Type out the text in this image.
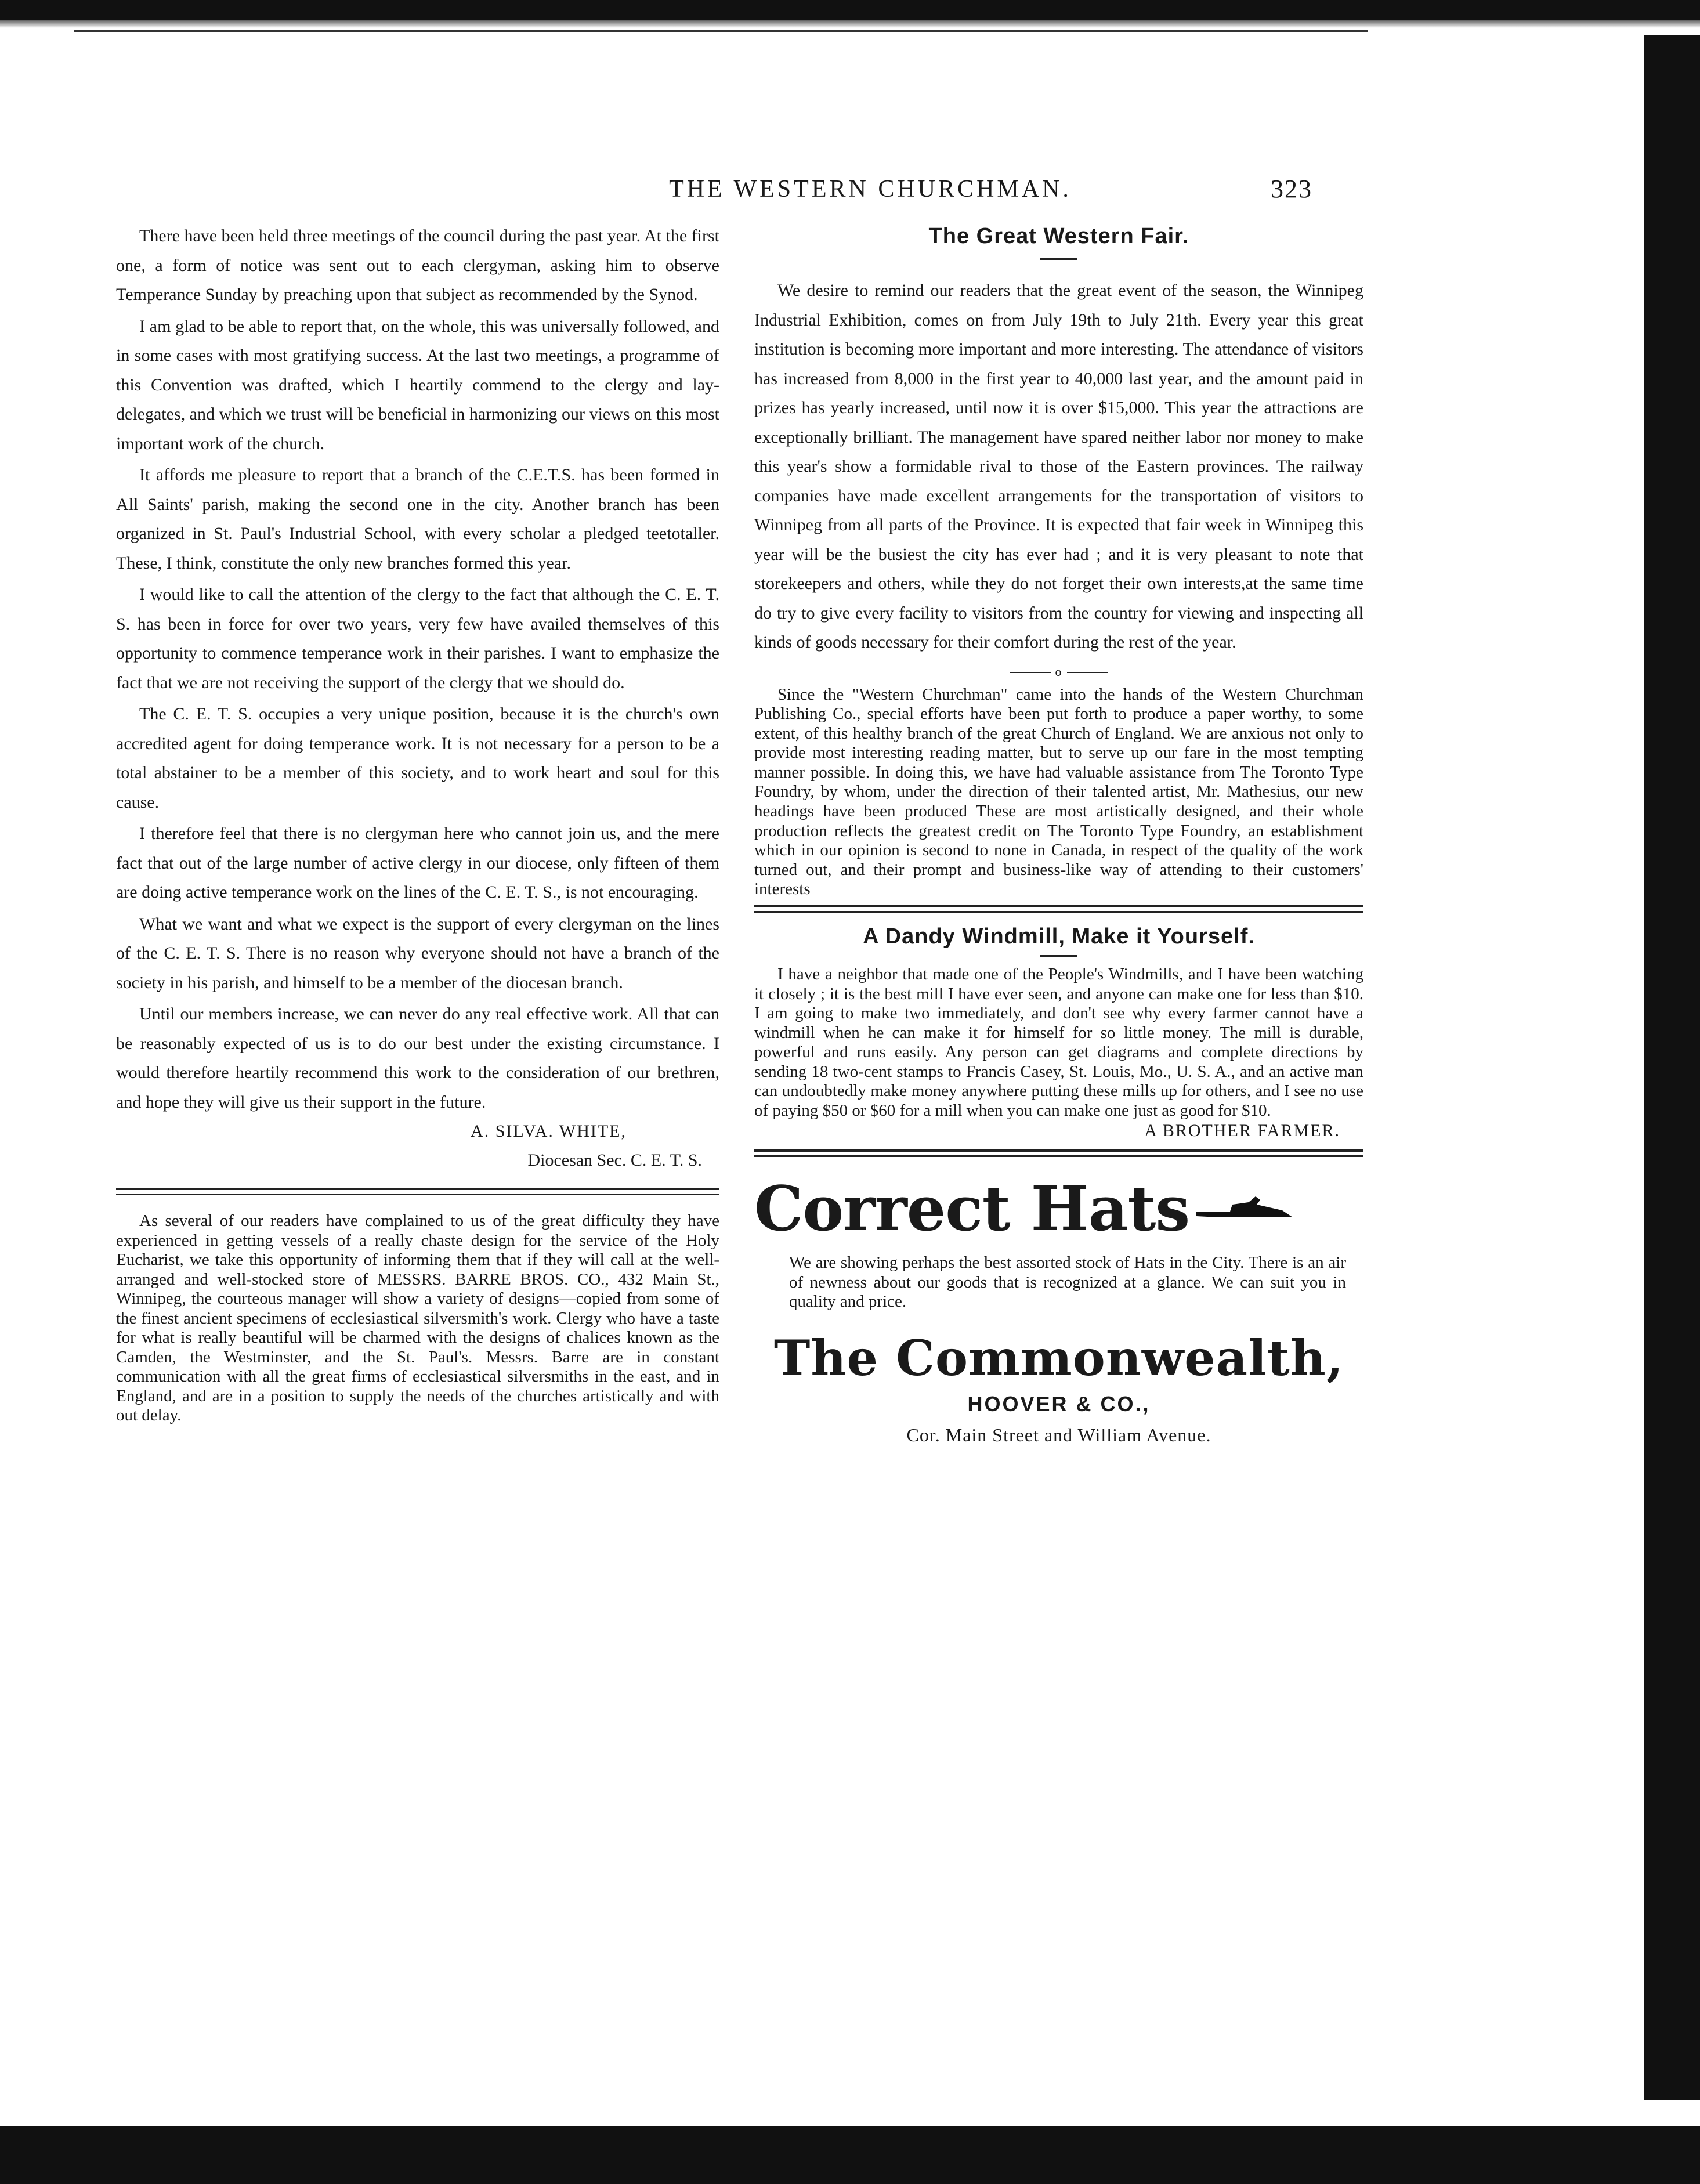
THE WESTERN CHURCHMAN.	323

There have been held three meetings of the council during the past year. At the first one, a form of notice was sent out to each clergyman, asking him to observe Temperance Sunday by preaching upon that subject as recommended by the Synod.

I am glad to be able to report that, on the whole, this was universally followed, and in some cases with most gratifying success. At the last two meetings, a programme of this Convention was drafted, which I heartily commend to the clergy and lay-delegates, and which we trust will be beneficial in harmonizing our views on this most important work of the church.

It affords me pleasure to report that a branch of the C.E.T.S. has been formed in All Saints' parish, making the second one in the city. Another branch has been organized in St. Paul's Industrial School, with every scholar a pledged teetotaller. These, I think, constitute the only new branches formed this year.

I would like to call the attention of the clergy to the fact that although the C. E. T. S. has been in force for over two years, very few have availed themselves of this opportunity to commence temperance work in their parishes. I want to emphasize the fact that we are not receiving the support of the clergy that we should do.

The C. E. T. S. occupies a very unique position, because it is the church's own accredited agent for doing temperance work. It is not necessary for a person to be a total abstainer to be a member of this society, and to work heart and soul for this cause.

I therefore feel that there is no clergyman here who cannot join us, and the mere fact that out of the large number of active clergy in our diocese, only fifteen of them are doing active temperance work on the lines of the C. E. T. S., is not encouraging.

What we want and what we expect is the support of every clergyman on the lines of the C. E. T. S. There is no reason why everyone should not have a branch of the society in his parish, and himself to be a member of the diocesan branch.

Until our members increase, we can never do any real effective work. All that can be reasonably expected of us is to do our best under the existing circumstance. I would therefore heartily recommend this work to the consideration of our brethren, and hope they will give us their support in the future.

A. SILVA. WHITE,

Diocesan Sec. C. E. T. S.

As several of our readers have complained to us of the great difficulty they have experienced in getting vessels of a really chaste design for the service of the Holy Eucharist, we take this opportunity of informing them that if they will call at the well-arranged and well-stocked store of MESSRS. BARRE BROS. CO., 432 Main St., Winnipeg, the courteous manager will show a variety of designs—copied from some of the finest ancient specimens of ecclesiastical silversmith's work. Clergy who have a taste for what is really beautiful will be charmed with the designs of chalices known as the Camden, the Westminster, and the St. Paul's. Messrs. Barre are in constant communication with all the great firms of ecclesiastical silversmiths in the east, and in England, and are in a position to supply the needs of the churches artistically and with out delay.

The Great Western Fair.

We desire to remind our readers that the great event of the season, the Winnipeg Industrial Exhibition, comes on from July 19th to July 21th. Every year this great institution is becoming more important and more interesting. The attendance of visitors has increased from 8,000 in the first year to 40,000 last year, and the amount paid in prizes has yearly increased, until now it is over $15,000. This year the attractions are exceptionally brilliant. The management have spared neither labor nor money to make this year's show a formidable rival to those of the Eastern provinces. The railway companies have made excellent arrangements for the transportation of visitors to Winnipeg from all parts of the Province. It is expected that fair week in Winnipeg this year will be the busiest the city has ever had ; and it is very pleasant to note that storekeepers and others, while they do not forget their own interests,at the same time do try to give every facility to visitors from the country for viewing and inspecting all kinds of goods necessary for their comfort during the rest of the year.

o

Since the "Western Churchman" came into the hands of the Western Churchman Publishing Co., special efforts have been put forth to produce a paper worthy, to some extent, of this healthy branch of the great Church of England. We are anxious not only to provide most interesting reading matter, but to serve up our fare in the most tempting manner possible. In doing this, we have had valuable assistance from The Toronto Type Foundry, by whom, under the direction of their talented artist, Mr. Mathesius, our new headings have been produced These are most artistically designed, and their whole production reflects the greatest credit on The Toronto Type Foundry, an establishment which in our opinion is second to none in Canada, in respect of the quality of the work turned out, and their prompt and business-like way of attending to their customers' interests

A Dandy Windmill, Make it Yourself.

I have a neighbor that made one of the People's Windmills, and I have been watching it closely ; it is the best mill I have ever seen, and anyone can make one for less than $10. I am going to make two immediately, and don't see why every farmer cannot have a windmill when he can make it for himself for so little money. The mill is durable, powerful and runs easily. Any person can get diagrams and complete directions by sending 18 two-cent stamps to Francis Casey, St. Louis, Mo., U. S. A., and an active man can undoubtedly make money anywhere putting these mills up for others, and I see no use of paying $50 or $60 for a mill when you can make one just as good for $10.

A BROTHER FARMER.

Correct Hats

We are showing perhaps the best assorted stock of Hats in the City. There is an air of newness about our goods that is recognized at a glance. We can suit you in quality and price.

The Commonwealth,

HOOVER & CO.,

Cor. Main Street and William Avenue.
